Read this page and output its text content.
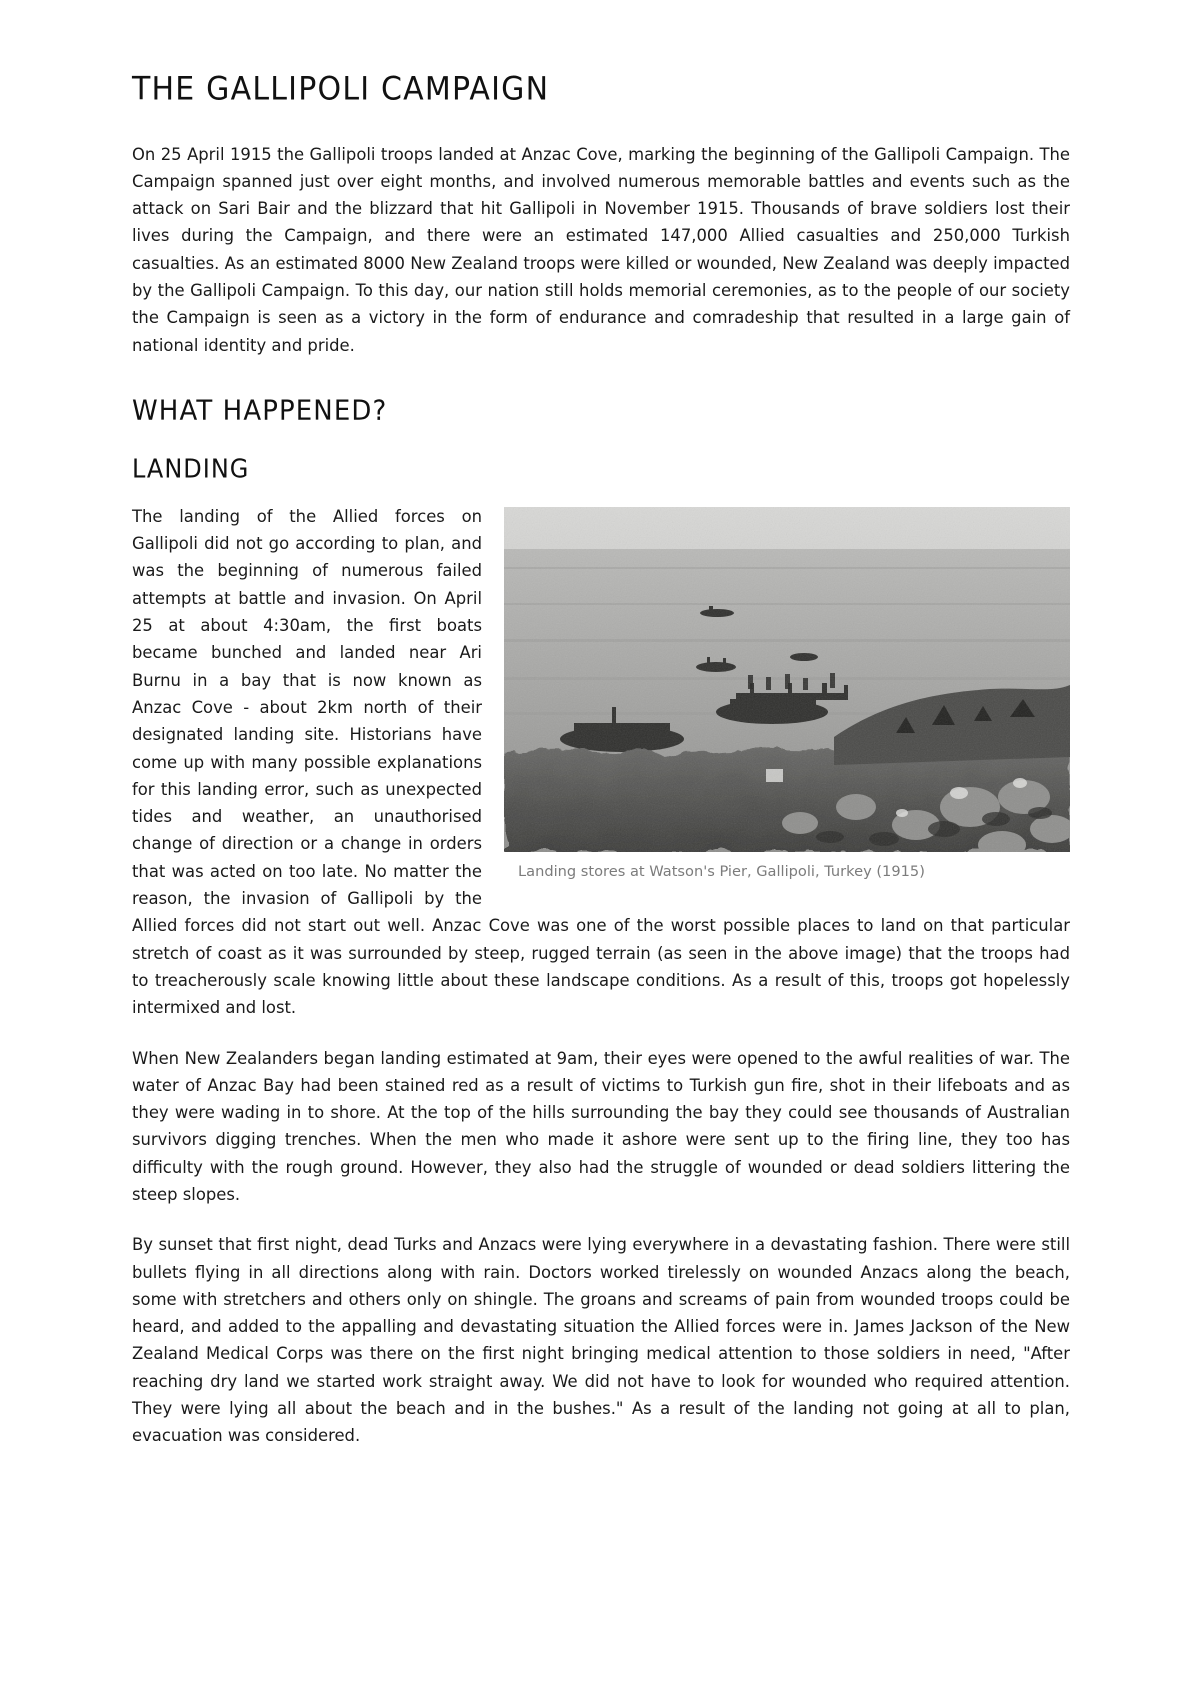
THE GALLIPOLI CAMPAIGN

On 25 April 1915 the Gallipoli troops landed at Anzac Cove, marking the beginning of the Gallipoli Campaign. The Campaign spanned just over eight months, and involved numerous memorable battles and events such as the attack on Sari Bair and the blizzard that hit Gallipoli in November 1915. Thousands of brave soldiers lost their lives during the Campaign, and there were an estimated 147,000 Allied casualties and 250,000 Turkish casualties. As an estimated 8000 New Zealand troops were killed or wounded, New Zealand was deeply impacted by the Gallipoli Campaign. To this day, our nation still holds memorial ceremonies, as to the people of our society the Campaign is seen as a victory in the form of endurance and comradeship that resulted in a large gain of national identity and pride.

WHAT HAPPENED?
LANDING
Landing stores at Watson's Pier, Gallipoli, Turkey (1915)

The landing of the Allied forces on Gallipoli did not go according to plan, and was the beginning of numerous failed attempts at battle and invasion. On April 25 at about 4:30am, the first boats became bunched and landed near Ari Burnu in a bay that is now known as Anzac Cove - about 2km north of their designated landing site. Historians have come up with many possible explanations for this landing error, such as unexpected tides and weather, an unauthorised change of direction or a change in orders that was acted on too late. No matter the reason, the invasion of Gallipoli by the Allied forces did not start out well. Anzac Cove was one of the worst possible places to land on that particular stretch of coast as it was surrounded by steep, rugged terrain (as seen in the above image) that the troops had to treacherously scale knowing little about these landscape conditions. As a result of this, troops got hopelessly intermixed and lost.

When New Zealanders began landing estimated at 9am, their eyes were opened to the awful realities of war. The water of Anzac Bay had been stained red as a result of victims to Turkish gun fire, shot in their lifeboats and as they were wading in to shore. At the top of the hills surrounding the bay they could see thousands of Australian survivors digging trenches. When the men who made it ashore were sent up to the firing line, they too has difficulty with the rough ground. However, they also had the struggle of wounded or dead soldiers littering the steep slopes.

By sunset that first night, dead Turks and Anzacs were lying everywhere in a devastating fashion. There were still bullets flying in all directions along with rain. Doctors worked tirelessly on wounded Anzacs along the beach, some with stretchers and others only on shingle. The groans and screams of pain from wounded troops could be heard, and added to the appalling and devastating situation the Allied forces were in. James Jackson of the New Zealand Medical Corps was there on the first night bringing medical attention to those soldiers in need, "After reaching dry land we started work straight away. We did not have to look for wounded who required attention. They were lying all about the beach and in the bushes." As a result of the landing not going at all to plan, evacuation was considered.
